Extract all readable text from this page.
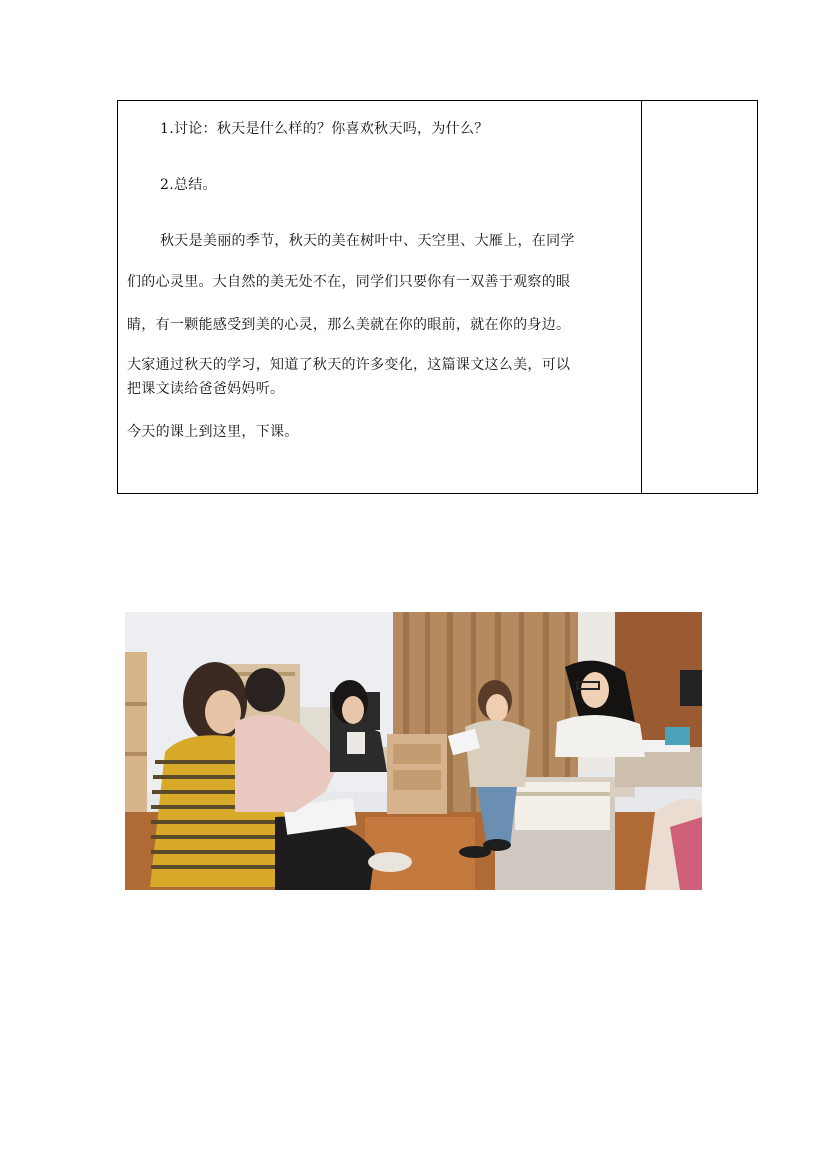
1.讨论：秋天是什么样的？你喜欢秋天吗，为什么？
2.总结。
秋天是美丽的季节，秋天的美在树叶中、天空里、大雁上，在同学
们的心灵里。大自然的美无处不在，同学们只要你有一双善于观察的眼
睛，有一颗能感受到美的心灵，那么美就在你的眼前，就在你的身边。
大家通过秋天的学习，知道了秋天的许多变化，这篇课文这么美，可以
把课文读给爸爸妈妈听。
今天的课上到这里，下课。
